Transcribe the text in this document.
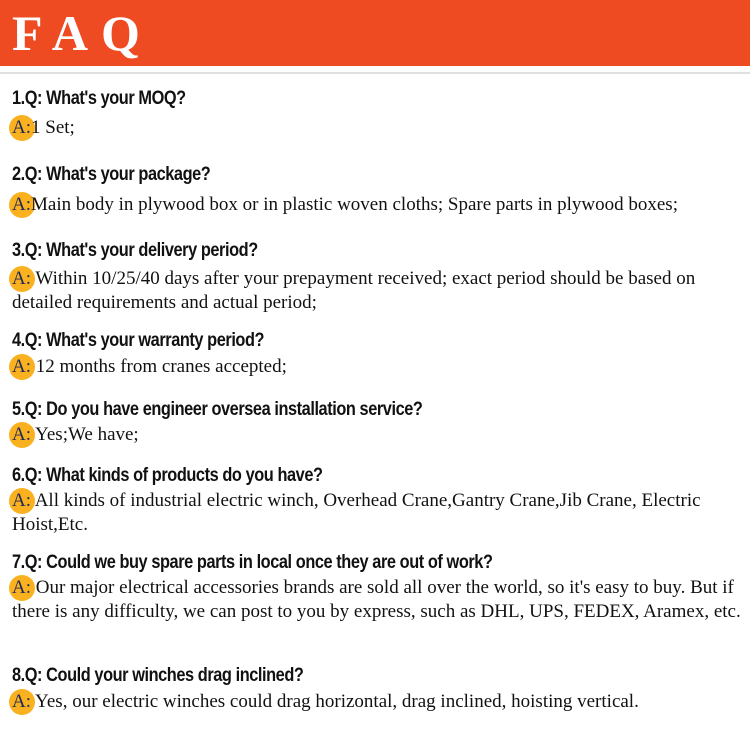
FAQ
1.Q: What's your MOQ?
A:1 Set;
2.Q: What's your package?
A:Main body in plywood box or in plastic woven cloths; Spare parts in plywood boxes;
3.Q: What's your delivery period?
A: Within 10/25/40 days after your prepayment received; exact period should be based on detailed requirements and actual period;
4.Q: What's your warranty period?
A: 12 months from cranes accepted;
5.Q: Do you have engineer oversea installation service?
A: Yes;We have;
6.Q: What kinds of products do you have?
A: All kinds of industrial electric winch, Overhead Crane,Gantry Crane,Jib Crane, Electric Hoist,Etc.
7.Q: Could we buy spare parts in local once they are out of work?
A: Our major electrical accessories brands are sold all over the world, so it's easy to buy. But if there is any difficulty, we can post to you by express, such as DHL, UPS, FEDEX, Aramex, etc.
8.Q: Could your winches drag inclined?
A: Yes, our electric winches could drag horizontal, drag inclined, hoisting vertical.
